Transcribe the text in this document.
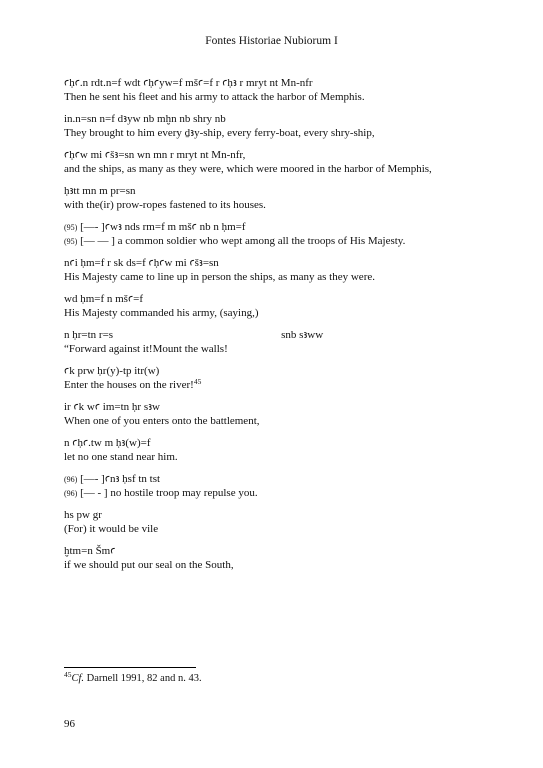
Fontes Historiae Nubiorum I
ꜥḥꜥ.n rdt.n=f wdt ꜥḥꜥyw=f mšꜥ=f r ꜥḥꜣ r mryt nt Mn-nfr
Then he sent his fleet and his army to attack the harbor of Memphis.
in.n=sn n=f dꜣyw nb mḫn nb shry nb
They brought to him every ḏꜣy-ship, every ferry-boat, every shry-ship,
ꜥḥꜥw mi ꜥšꜣ=sn wn mn r mryt nt Mn-nfr,
and the ships, as many as they were, which were moored in the harbor of Memphis,
ḥꜣtt mn m pr=sn
with the(ir) prow-ropes fastened to its houses.
(95) [—- ]ꜥwꜣ nds rm=f m mšꜥ nb n ḥm=f
(95) [— — ] a common soldier who wept among all the troops of His Majesty.
nꜥi ḥm=f r sk ds=f ꜥḥꜥw mi ꜥšꜣ=sn
His Majesty came to line up in person the ships, as many as they were.
wd ḥm=f n mšꜥ=f
His Majesty commanded his army, (saying,)
n ḥr=tn r=s	snb sꜣww
“Forward against it!Mount the walls!
ꜥk prw ḥr(y)-tp itr(w)
Enter the houses on the river!$^{45}$
ir ꜥk wꜥ im=tn ḥr sꜣw
When one of you enters onto the battlement,
n ꜥḥꜥ.tw m ḥꜣ(w)=f
let no one stand near him.
(96) [—- ]ꜥnꜣ ḥsf tn tst
(96) [— - ] no hostile troop may repulse you.
hs pw gr
(For) it would be vile
ḫtm=n Šmꜥ
if we should put our seal on the South,
$^{45}$Cf. Darnell 1991, 82 and n. 43.
96
